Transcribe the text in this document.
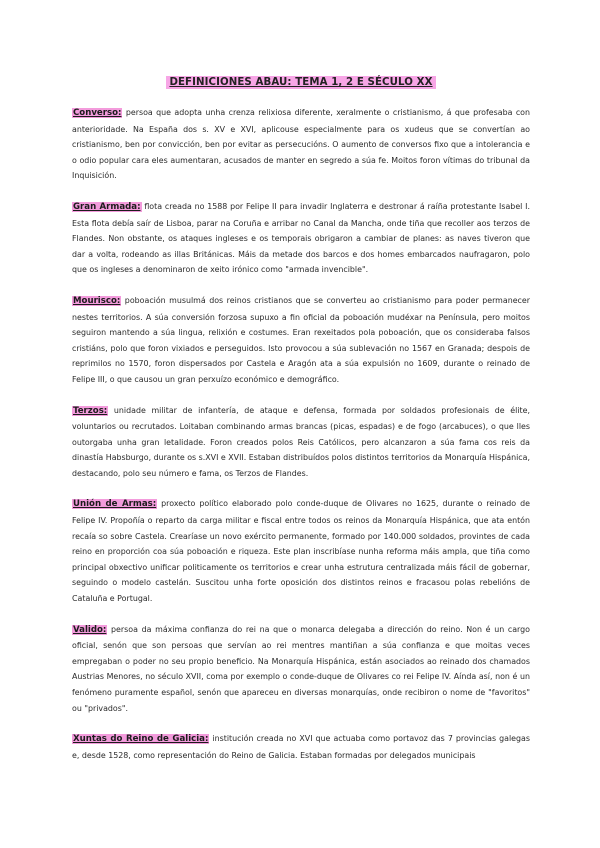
DEFINICIONES ABAU: TEMA 1, 2 E SÉCULO XX

Converso: persoa que adopta unha crenza relixiosa diferente, xeralmente o cristianismo, á que profesaba con anterioridade. Na España dos s. XV e XVI, aplicouse especialmente para os xudeus que se convertían ao cristianismo, ben por convicción, ben por evitar as persecucións. O aumento de conversos fixo que a intolerancia e o odio popular cara eles aumentaran, acusados de manter en segredo a súa fe. Moitos foron vítimas do tribunal da Inquisición.

Gran Armada: flota creada no 1588 por Felipe II para invadir Inglaterra e destronar á raíña protestante Isabel I. Esta flota debía saír de Lisboa, parar na Coruña e arribar no Canal da Mancha, onde tiña que recoller aos terzos de Flandes. Non obstante, os ataques ingleses e os temporais obrigaron a cambiar de planes: as naves tiveron que dar a volta, rodeando as illas Británicas. Máis da metade dos barcos e dos homes embarcados naufragaron, polo que os ingleses a denominaron de xeito irónico como "armada invencible".

Mourisco: poboación musulmá dos reinos cristianos que se converteu ao cristianismo para poder permanecer nestes territorios. A súa conversión forzosa supuxo a fin oficial da poboación mudéxar na Península, pero moitos seguiron mantendo a súa lingua, relixión e costumes. Eran rexeitados pola poboación, que os consideraba falsos cristiáns, polo que foron vixiados e perseguidos. Isto provocou a súa sublevación no 1567 en Granada; despois de reprimilos no 1570, foron dispersados por Castela e Aragón ata a súa expulsión no 1609, durante o reinado de Felipe III, o que causou un gran perxuízo económico e demográfico.

Terzos: unidade militar de infantería, de ataque e defensa, formada por soldados profesionais de élite, voluntarios ou recrutados. Loitaban combinando armas brancas (picas, espadas) e de fogo (arcabuces), o que lles outorgaba unha gran letalidade. Foron creados polos Reis Católicos, pero alcanzaron a súa fama cos reis da dinastía Habsburgo, durante os s.XVI e XVII. Estaban distribuídos polos distintos territorios da Monarquía Hispánica, destacando, polo seu número e fama, os Terzos de Flandes.

Unión de Armas: proxecto político elaborado polo conde-duque de Olivares no 1625, durante o reinado de Felipe IV. Propoñía o reparto da carga militar e fiscal entre todos os reinos da Monarquía Hispánica, que ata entón recaía so sobre Castela. Crearíase un novo exército permanente, formado por 140.000 soldados, provintes de cada reino en proporción coa súa poboación e riqueza. Este plan inscribíase nunha reforma máis ampla, que tiña como principal obxectivo unificar politicamente os territorios e crear unha estrutura centralizada máis fácil de gobernar, seguindo o modelo castelán. Suscitou unha forte oposición dos distintos reinos e fracasou polas rebelións de Cataluña e Portugal.

Valido: persoa da máxima confianza do rei na que o monarca delegaba a dirección do reino. Non é un cargo oficial, senón que son persoas que servían ao rei mentres mantiñan a súa confianza e que moitas veces empregaban o poder no seu propio beneficio. Na Monarquía Hispánica, están asociados ao reinado dos chamados Austrias Menores, no século XVII, coma por exemplo o conde-duque de Olivares co rei Felipe IV. Aínda así, non é un fenómeno puramente español, senón que apareceu en diversas monarquías, onde recibiron o nome de "favoritos" ou "privados".

Xuntas do Reino de Galicia: institución creada no XVI que actuaba como portavoz das 7 provincias galegas e, desde 1528, como representación do Reino de Galicia. Estaban formadas por delegados municipais
